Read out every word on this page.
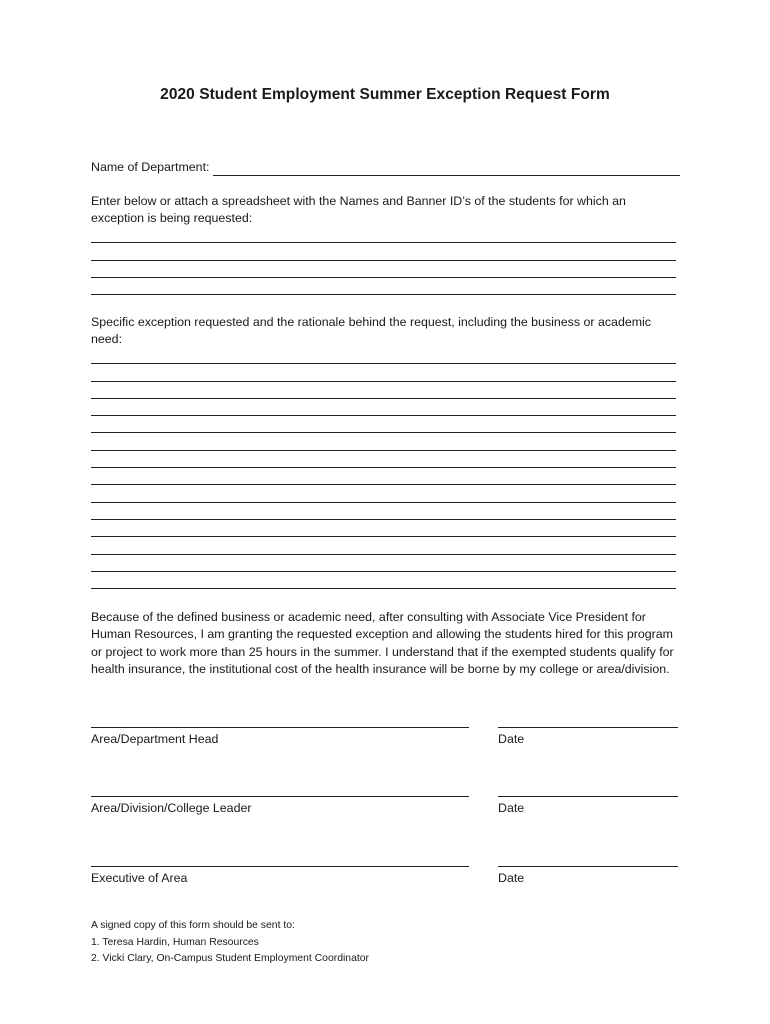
2020 Student Employment Summer Exception Request Form
Name of Department:
Enter below or attach a spreadsheet with the Names and Banner ID’s of the students for which an exception is being requested:
Specific exception requested and the rationale behind the request, including the business or academic need:
Because of the defined business or academic need, after consulting with Associate Vice President for Human Resources, I am granting the requested exception and allowing the students hired for this program or project to work more than 25 hours in the summer. I understand that if the exempted students qualify for health insurance, the institutional cost of the health insurance will be borne by my college or area/division.
Area/Department Head	Date
Area/Division/College Leader	Date
Executive of Area	Date
A signed copy of this form should be sent to:
1. Teresa Hardin, Human Resources
2. Vicki Clary, On-Campus Student Employment Coordinator
